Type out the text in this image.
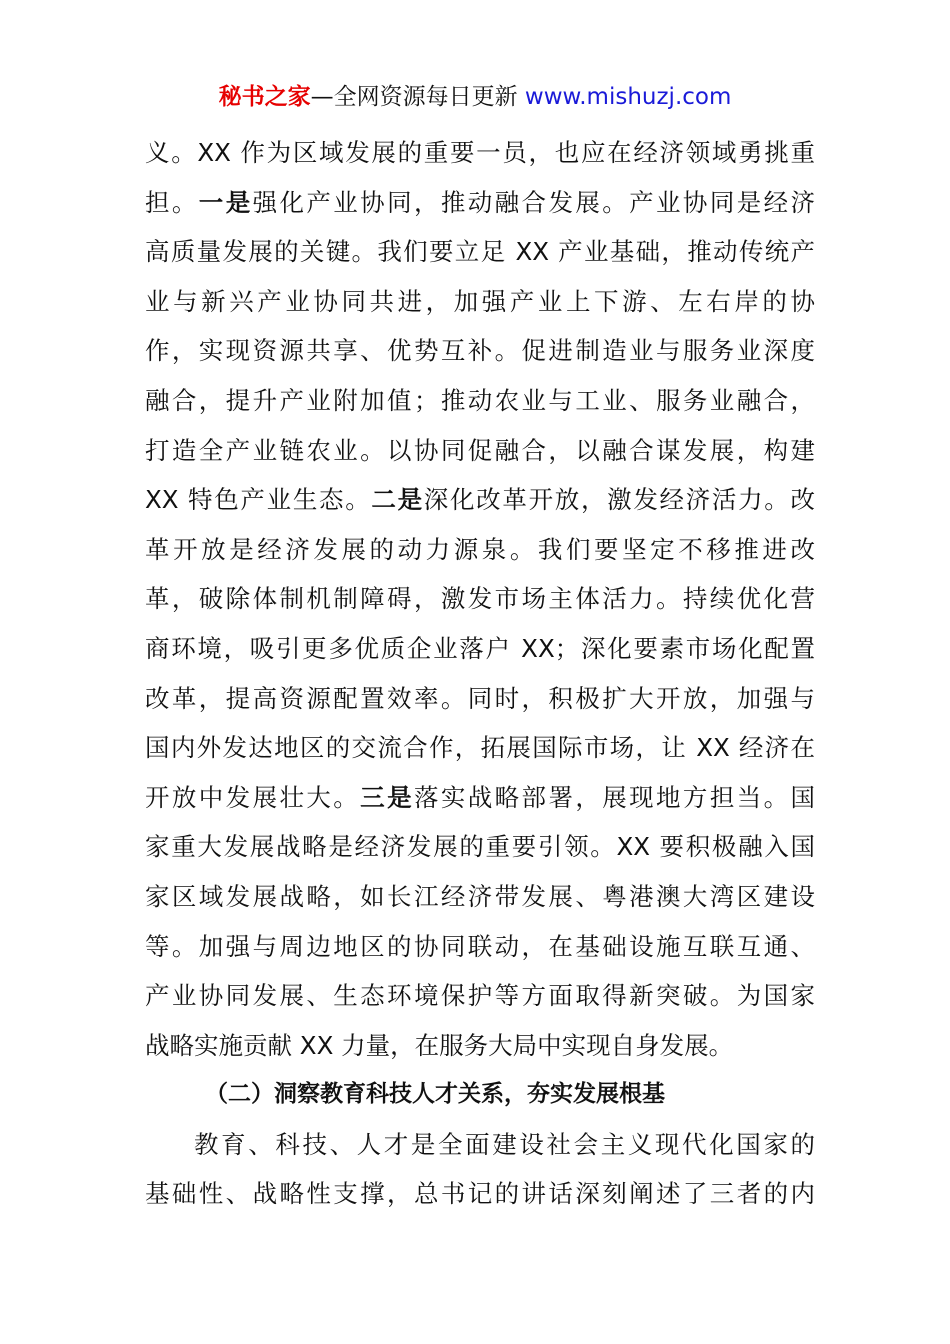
秘书之家—全网资源每日更新 www.mishuzj.com
义。XX 作为区域发展的重要一员，也应在经济领域勇挑重
担。一是强化产业协同，推动融合发展。产业协同是经济
高质量发展的关键。我们要立足 XX 产业基础，推动传统产
业与新兴产业协同共进，加强产业上下游、左右岸的协
作，实现资源共享、优势互补。促进制造业与服务业深度
融合，提升产业附加值；推动农业与工业、服务业融合，
打造全产业链农业。以协同促融合，以融合谋发展，构建
XX 特色产业生态。二是深化改革开放，激发经济活力。改
革开放是经济发展的动力源泉。我们要坚定不移推进改
革，破除体制机制障碍，激发市场主体活力。持续优化营
商环境，吸引更多优质企业落户 XX；深化要素市场化配置
改革，提高资源配置效率。同时，积极扩大开放，加强与
国内外发达地区的交流合作，拓展国际市场，让 XX 经济在
开放中发展壮大。三是落实战略部署，展现地方担当。国
家重大发展战略是经济发展的重要引领。XX 要积极融入国
家区域发展战略，如长江经济带发展、粤港澳大湾区建设
等。加强与周边地区的协同联动，在基础设施互联互通、
产业协同发展、生态环境保护等方面取得新突破。为国家
战略实施贡献 XX 力量，在服务大局中实现自身发展。
（二）洞察教育科技人才关系，夯实发展根基
教育、科技、人才是全面建设社会主义现代化国家的
基础性、战略性支撑，总书记的讲话深刻阐述了三者的内
